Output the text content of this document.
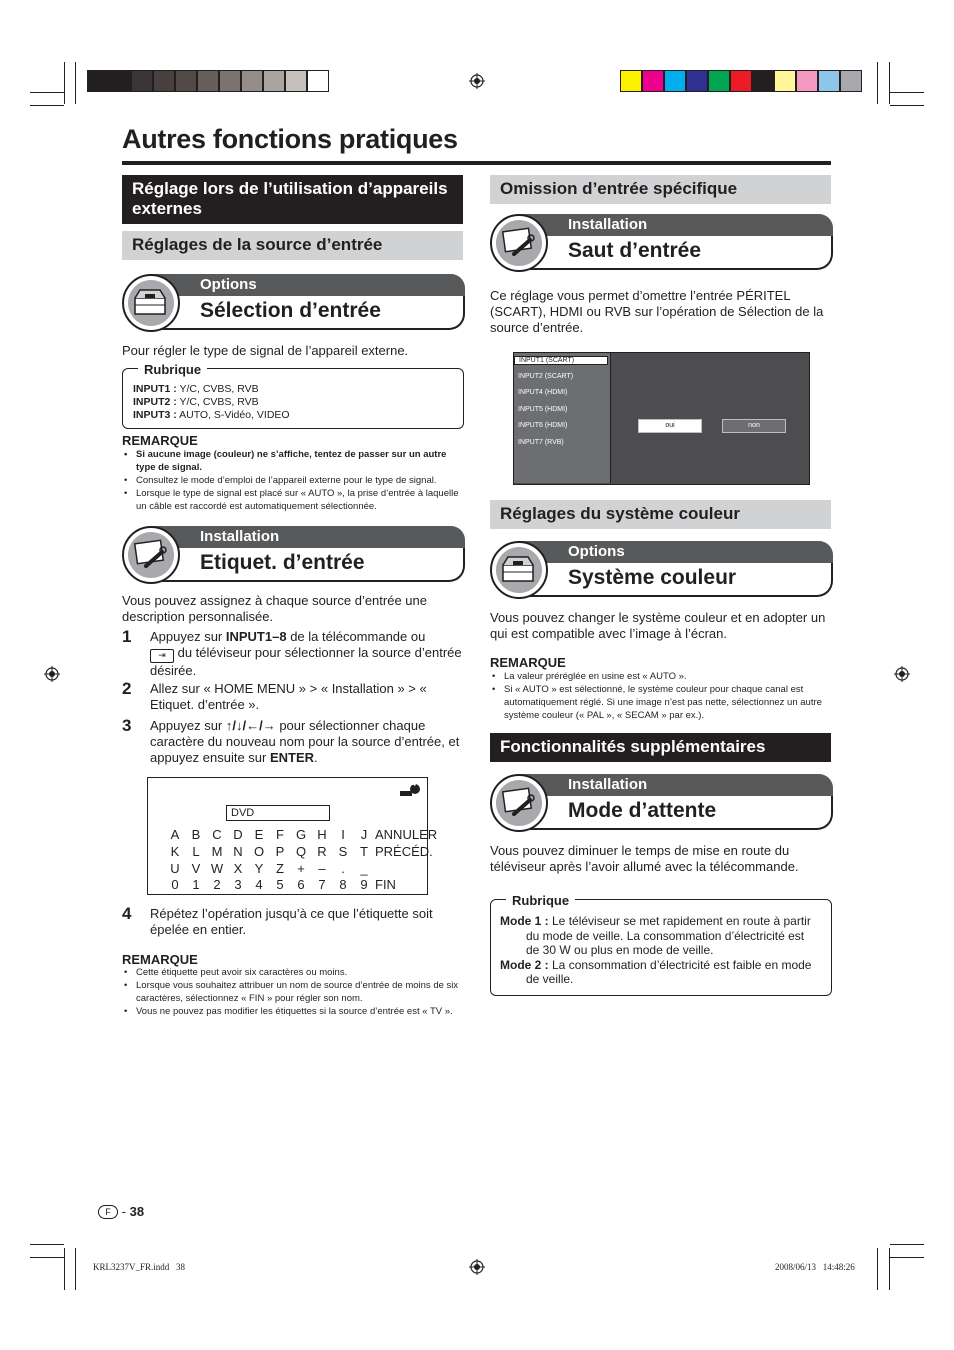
Autres fonctions pratiques
Réglage lors de l’utilisation d’appareils externes
Réglages de la source d’entrée
Options
Sélection d’entrée
Pour régler le type de signal de l’appareil externe.
INPUT1 : Y/C, CVBS, RVB
INPUT2 : Y/C, CVBS, RVB
INPUT3 : AUTO, S-Vidéo, VIDEO
Rubrique
REMARQUE
• Si aucune image (couleur) ne s’affiche, tentez de passer sur un autre type de signal.
• Consultez le mode d’emploi de l’appareil externe pour le type de signal.
• Lorsque le type de signal est placé sur « AUTO », la prise d’entrée à laquelle un câble est raccordé est automatiquement sélectionnée.
Installation
Etiquet. d’entrée
Vous pouvez assignez à chaque source d’entrée une description personnalisée.
1 Appuyez sur INPUT1–8 de la télécommande ou
⇥ du téléviseur pour sélectionner la source d’entrée désirée.
2 Allez sur « HOME MENU » > « Installation » > « Etiquet. d’entrée ».
3 Appuyez sur ↑/↓/←/→ pour sélectionner chaque caractère du nouveau nom pour la source d’entrée, et appuyez ensuite sur ENTER.
DVD
4
A B C D E F G H	I	J ANNULER
K L M N O P Q R S T PRÉCÉD.
U V W X Y Z + –	.	_
0 1 2 3 4 5 6 7 8 9 FIN
4 Répétez l’opération jusqu’à ce que l’étiquette soit épelée en entier.
REMARQUE
• Cette étiquette peut avoir six caractères ou moins.
• Lorsque vous souhaitez attribuer un nom de source d’entrée de moins de six caractères, sélectionnez « FIN » pour régler son nom.
• Vous ne pouvez pas modifier les étiquettes si la source d’entrée est « TV ».
Omission d’entrée spécifique
Installation
Saut d’entrée
Ce réglage vous permet d’omettre l’entrée PÉRITEL (SCART), HDMI ou RVB sur l’opération de Sélection de la source d’entrée.
INPUT1 (SCART)
INPUT2 (SCART)
INPUT4 (HDMI)
INPUT5 (HDMI)
INPUT6 (HDMI)
INPUT7 (RVB)
oui	non
Réglages du système couleur
Options
Système couleur
Vous pouvez changer le système couleur et en adopter un qui est compatible avec l’image à l’écran.
REMARQUE
• La valeur préréglée en usine est « AUTO ».
• Si « AUTO » est sélectionné, le système couleur pour chaque canal est automatiquement réglé. Si une image n’est pas nette, sélectionnez un autre système couleur (« PAL », « SECAM » par ex.).
Fonctionnalités supplémentaires
Installation
Mode d’attente
Vous pouvez diminuer le temps de mise en route du téléviseur après l’avoir allumé avec la télécommande.
Mode 1 : Le téléviseur se met rapidement en route à partir du mode de veille. La consommation d’électricité est de 30 W ou plus en mode de veille.
Mode 2 : La consommation d’électricité est faible en mode de veille.
Rubrique
F - 38
KRL3237V_FR.indd   38	2008/06/13   14:48:26
